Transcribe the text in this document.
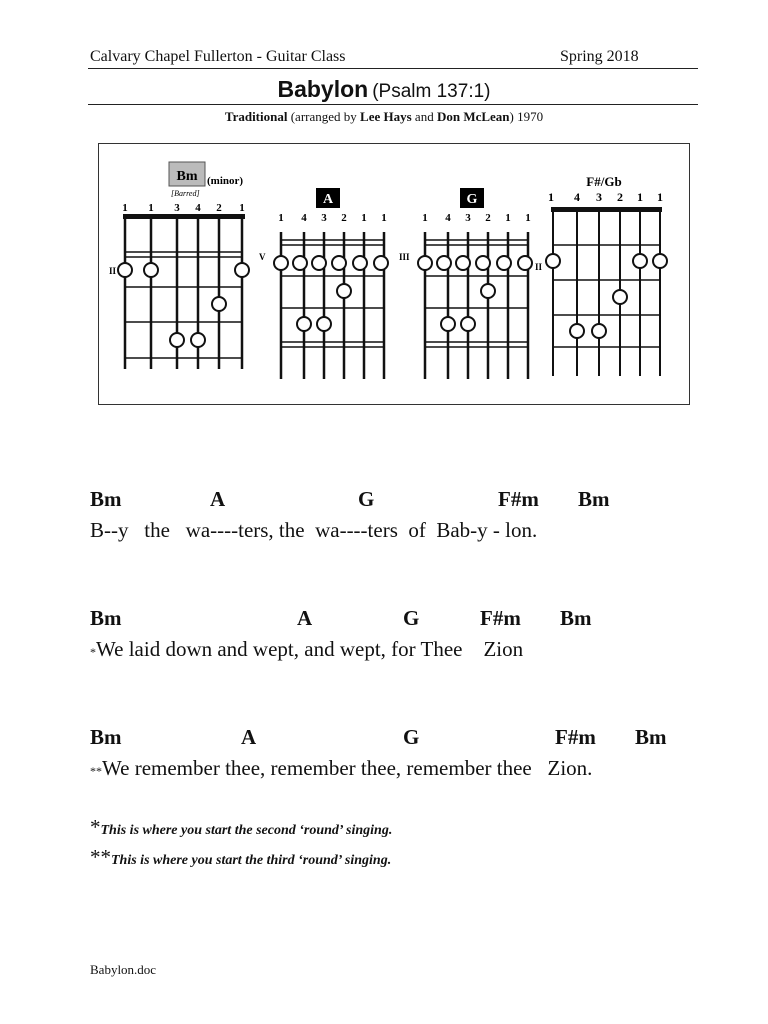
Calvary Chapel Fullerton - Guitar Class	Spring 2018
Babylon (Psalm 137:1)
Traditional (arranged by Lee Hays and Don McLean) 1970
Bm (minor)
[Barred]
1 1 3 4 2 1
II
A
1 4 3 2 1 1
V
G
1 4 3 2 1 1
III
F#/Gb
1 4 3 2 1 1
II
Bm	A	G	F#m Bm
B--y   the   wa----ters, the  wa----ters  of  Bab-y - lon.
Bm	A	G	F#m Bm
*We laid down and wept, and wept, for Thee    Zion
Bm	A	G	F#m Bm
**We remember thee, remember thee, remember thee   Zion.
*This is where you start the second ‘round’ singing.
**This is where you start the third ‘round’ singing.
Babylon.doc
